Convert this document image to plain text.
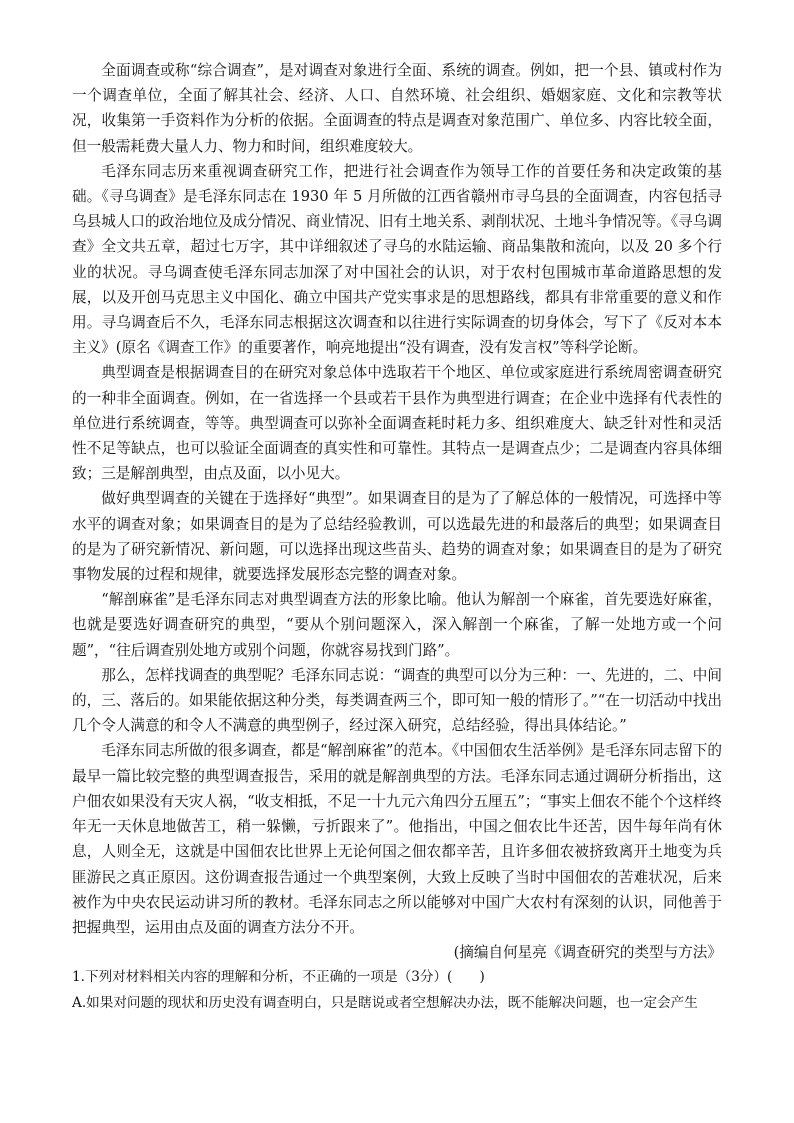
全面调查或称“综合调查”，是对调查对象进行全面、系统的调查。例如，把一个县、镇或村作为一个调查单位，全面了解其社会、经济、人口、自然环境、社会组织、婚姻家庭、文化和宗教等状况，收集第一手资料作为分析的依据。全面调查的特点是调查对象范围广、单位多、内容比较全面，但一般需耗费大量人力、物力和时间，组织难度较大。

毛泽东同志历来重视调查研究工作，把进行社会调查作为领导工作的首要任务和决定政策的基础。《寻乌调查》是毛泽东同志在 1930 年 5 月所做的江西省赣州市寻乌县的全面调查，内容包括寻乌县城人口的政治地位及成分情况、商业情况、旧有土地关系、剥削状况、土地斗争情况等。《寻乌调查》全文共五章，超过七万字，其中详细叙述了寻乌的水陆运输、商品集散和流向，以及 20 多个行业的状况。寻乌调查使毛泽东同志加深了对中国社会的认识，对于农村包围城市革命道路思想的发展，以及开创马克思主义中国化、确立中国共产党实事求是的思想路线，都具有非常重要的意义和作用。寻乌调查后不久，毛泽东同志根据这次调查和以往进行实际调查的切身体会，写下了《反对本本主义》(原名《调查工作》的重要著作，响亮地提出“没有调查，没有发言权”等科学论断。

典型调查是根据调查目的在研究对象总体中选取若干个地区、单位或家庭进行系统周密调查研究的一种非全面调查。例如，在一省选择一个县或若干县作为典型进行调查；在企业中选择有代表性的单位进行系统调查，等等。典型调查可以弥补全面调查耗时耗力多、组织难度大、缺乏针对性和灵活性不足等缺点，也可以验证全面调查的真实性和可靠性。其特点一是调查点少；二是调查内容具体细致；三是解剖典型，由点及面，以小见大。

做好典型调查的关键在于选择好“典型”。如果调查目的是为了了解总体的一般情况，可选择中等水平的调查对象；如果调查目的是为了总结经验教训，可以选最先进的和最落后的典型；如果调查目的是为了研究新情况、新问题，可以选择出现这些苗头、趋势的调查对象；如果调查目的是为了研究事物发展的过程和规律，就要选择发展形态完整的调查对象。

“解剖麻雀”是毛泽东同志对典型调查方法的形象比喻。他认为解剖一个麻雀，首先要选好麻雀，也就是要选好调查研究的典型，“要从个别问题深入，深入解剖一个麻雀，了解一处地方或一个问题”，“往后调查别处地方或别个问题，你就容易找到门路”。

那么，怎样找调查的典型呢？毛泽东同志说：“调查的典型可以分为三种：一、先进的，二、中间的，三、落后的。如果能依据这种分类，每类调查两三个，即可知一般的情形了。”“在一切活动中找出几个令人满意的和令人不满意的典型例子，经过深入研究，总结经验，得出具体结论。”

毛泽东同志所做的很多调查，都是“解剖麻雀”的范本。《中国佃农生活举例》是毛泽东同志留下的最早一篇比较完整的典型调查报告，采用的就是解剖典型的方法。毛泽东同志通过调研分析指出，这户佃农如果没有天灾人祸，“收支相抵，不足一十九元六角四分五厘五”；“事实上佃农不能个个这样终年无一天休息地做苦工，稍一躲懒，亏折跟来了”。他指出，中国之佃农比牛还苦，因牛每年尚有休息，人则全无，这就是中国佃农比世界上无论何国之佃农都辛苦，且许多佃农被挤致离开土地变为兵匪游民之真正原因。这份调查报告通过一个典型案例，大致上反映了当时中国佃农的苦难状况，后来被作为中央农民运动讲习所的教材。毛泽东同志之所以能够对中国广大农村有深刻的认识，同他善于把握典型，运用由点及面的调查方法分不开。

(摘编自何星亮《调查研究的类型与方法》

1.下列对材料相关内容的理解和分析，不正确的一项是（3分）(　　)

A.如果对问题的现状和历史没有调查明白，只是瞎说或者空想解决办法，既不能解决问题，也一定会产生
